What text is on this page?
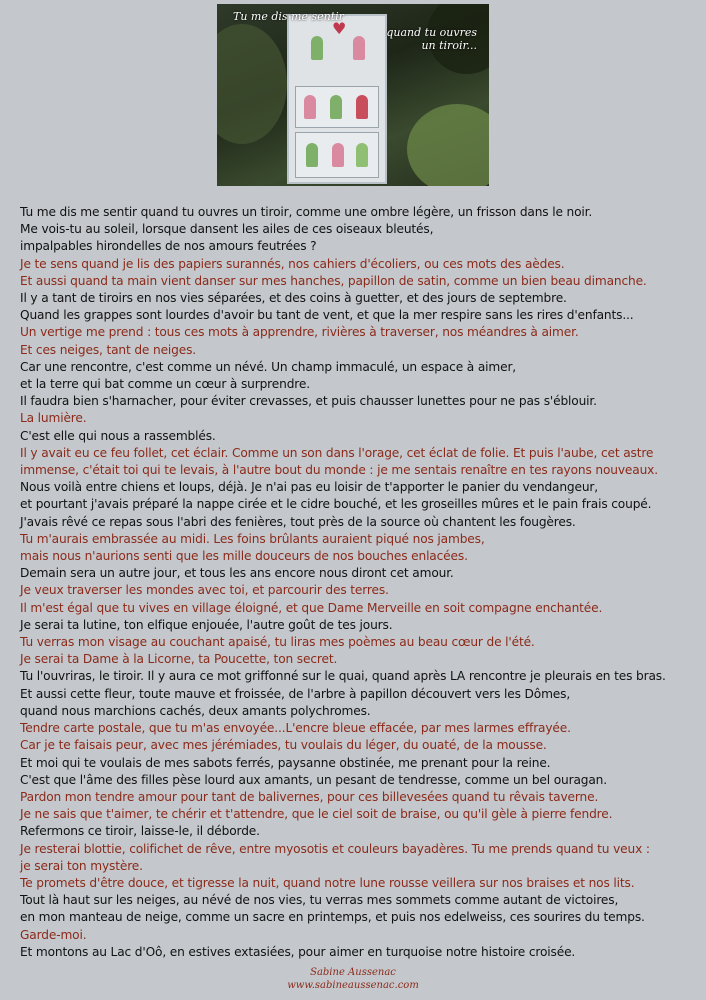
♥
Tu me dis me sentir
quand tu ouvres
un tiroir...
Tu me dis me sentir quand tu ouvres un tiroir, comme une ombre légère, un frisson dans le noir.
Me vois-tu au soleil, lorsque dansent les ailes de ces oiseaux bleutés,
impalpables hirondelles de nos amours feutrées ?
Je te sens quand je lis des papiers surannés, nos cahiers d'écoliers, ou ces mots des aèdes.
Et aussi quand ta main vient danser sur mes hanches, papillon de satin, comme un bien beau dimanche.
Il y a tant de tiroirs en nos vies séparées, et des coins à guetter, et des jours de septembre.
Quand les grappes sont lourdes d'avoir bu tant de vent, et que la mer respire sans les rires d'enfants...
Un vertige me prend : tous ces mots à apprendre, rivières à traverser, nos méandres à aimer.
Et ces neiges, tant de neiges.
Car une rencontre, c'est comme un névé. Un champ immaculé, un espace à aimer,
et la terre qui bat comme un cœur à surprendre.
Il faudra bien s'harnacher, pour éviter crevasses, et puis chausser lunettes pour ne pas s'éblouir.
La lumière.
C'est elle qui nous a rassemblés.
Il y avait eu ce feu follet, cet éclair. Comme un son dans l'orage, cet éclat de folie. Et puis l'aube, cet astre
immense, c'était toi qui te levais, à l'autre bout du monde : je me sentais renaître en tes rayons nouveaux.
Nous voilà entre chiens et loups, déjà. Je n'ai pas eu loisir de t'apporter le panier du vendangeur,
et pourtant j'avais préparé la nappe cirée et le cidre bouché, et les groseilles mûres et le pain frais coupé.
J'avais rêvé ce repas sous l'abri des fenières, tout près de la source où chantent les fougères.
Tu m'aurais embrassée au midi. Les foins brûlants auraient piqué nos jambes,
mais nous n'aurions senti que les mille douceurs de nos bouches enlacées.
Demain sera un autre jour, et tous les ans encore nous diront cet amour.
Je veux traverser les mondes avec toi, et parcourir des terres.
Il m'est égal que tu vives en village éloigné, et que Dame Merveille en soit compagne enchantée.
Je serai ta lutine, ton elfique enjouée, l'autre goût de tes jours.
Tu verras mon visage au couchant apaisé, tu liras mes poèmes au beau cœur de l'été.
Je serai ta Dame à la Licorne, ta Poucette, ton secret.
Tu l'ouvriras, le tiroir. Il y aura ce mot griffonné sur le quai, quand après LA rencontre je pleurais en tes bras.
Et aussi cette fleur, toute mauve et froissée, de l'arbre à papillon découvert vers les Dômes,
quand nous marchions cachés, deux amants polychromes.
Tendre carte postale, que tu m'as envoyée...L'encre bleue effacée, par mes larmes effrayée.
Car je te faisais peur, avec mes jérémiades, tu voulais du léger, du ouaté, de la mousse.
Et moi qui te voulais de mes sabots ferrés, paysanne obstinée, me prenant pour la reine.
C'est que l'âme des filles pèse lourd aux amants, un pesant de tendresse, comme un bel ouragan.
Pardon mon tendre amour pour tant de balivernes, pour ces billevesées quand tu rêvais taverne.
Je ne sais que t'aimer, te chérir et t'attendre, que le ciel soit de braise, ou qu'il gèle à pierre fendre.
Refermons ce tiroir, laisse-le, il déborde.
Je resterai blottie, colifichet de rêve, entre myosotis et couleurs bayadères. Tu me prends quand tu veux :
je serai ton mystère.
Te promets d'être douce, et tigresse la nuit, quand notre lune rousse veillera sur nos braises et nos lits.
Tout là haut sur les neiges, au névé de nos vies, tu verras mes sommets comme autant de victoires,
en mon manteau de neige, comme un sacre en printemps, et puis nos edelweiss, ces sourires du temps.
Garde-moi.
Et montons au Lac d'Oô, en estives extasiées, pour aimer en turquoise notre histoire croisée.
Sabine Aussenac
www.sabineaussenac.com
